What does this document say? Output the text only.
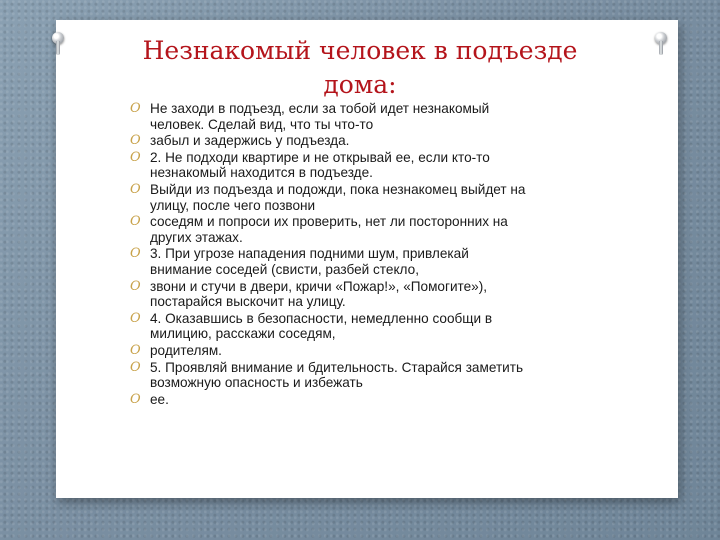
Незнакомый человек в подъезде
дома:
O Не заходи в подъезд, если за тобой идет незнакомый
человек. Сделай вид, что ты что-то
O забыл и задержись у подъезда.
O 2. Не подходи квартире и не открывай ее, если кто-то
незнакомый находится в подъезде.
O Выйди из подъезда и подожди, пока незнакомец выйдет на
улицу, после чего позвони
O соседям и попроси их проверить, нет ли посторонних на
других этажах.
O 3. При угрозе нападения подними шум, привлекай
внимание соседей (свисти, разбей стекло,
O звони и стучи в двери, кричи «Пожар!», «Помогите»),
постарайся выскочит на улицу.
O 4. Оказавшись в безопасности, немедленно сообщи в
милицию, расскажи соседям,
O родителям.
O 5. Проявляй внимание и бдительность. Старайся заметить
возможную опасность и избежать
O ее.
